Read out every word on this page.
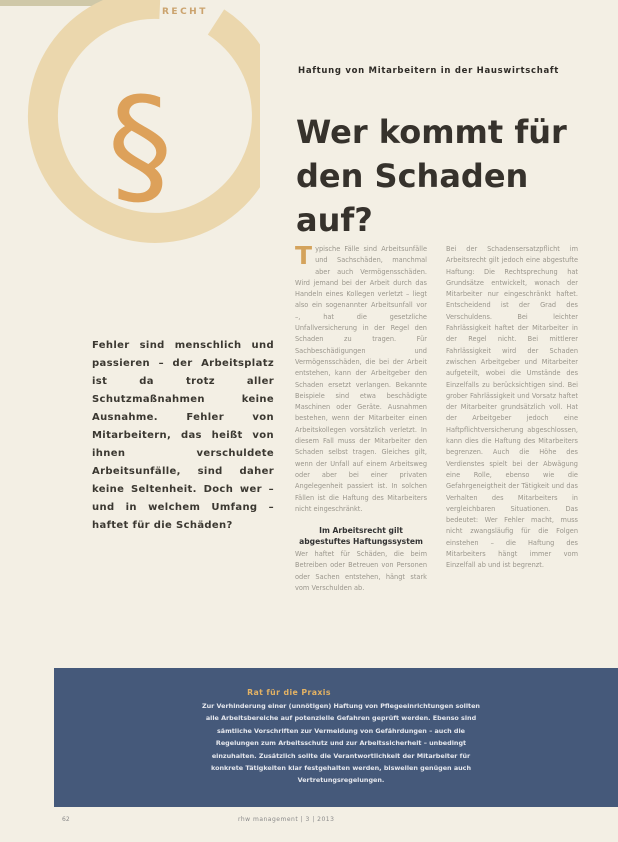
RECHT
§	Haftung von Mitarbeitern in der Hauswirtschaft
Wer kommt für
den Schaden auf?
Fehler sind menschlich und passieren – der Arbeitsplatz ist da trotz aller Schutzmaßnahmen keine Ausnahme. Fehler von Mitarbeitern, das heißt von ihnen verschuldete Arbeitsunfälle, sind daher keine Seltenheit. Doch wer – und in welchem Umfang – haftet für die Schäden?

Typische Fälle sind Arbeitsunfälle und Sachschäden, manchmal aber auch Vermögensschäden. Wird jemand bei der Arbeit durch das Handeln eines Kollegen verletzt – liegt also ein sogenannter Arbeitsunfall vor –, hat die gesetzliche Unfallversicherung in der Regel den Schaden zu tragen. Für Sachbeschädigungen und Vermögensschäden, die bei der Arbeit entstehen, kann der Arbeitgeber den Schaden ersetzt verlangen. Bekannte Beispiele sind etwa beschädigte Maschinen oder Geräte. Ausnahmen bestehen, wenn der Mitarbeiter einen Arbeitskollegen vorsätzlich verletzt. In diesem Fall muss der Mitarbeiter den Schaden selbst tragen. Gleiches gilt, wenn der Unfall auf einem Arbeitsweg oder aber bei einer privaten Angelegenheit passiert ist. In solchen Fällen ist die Haftung des Mitarbeiters nicht eingeschränkt.

Im Arbeitsrecht gilt abgestuftes Haftungssystem

Wer haftet für Schäden, die beim Betreiben oder Betreuen von Personen oder Sachen entstehen, hängt stark vom Verschulden ab.

Bei der Schadensersatzpflicht im Arbeitsrecht gilt jedoch eine abgestufte Haftung: Die Rechtsprechung hat Grundsätze entwickelt, wonach der Mitarbeiter nur eingeschränkt haftet. Entscheidend ist der Grad des Verschuldens. Bei leichter Fahrlässigkeit haftet der Mitarbeiter in der Regel nicht. Bei mittlerer Fahrlässigkeit wird der Schaden zwischen Arbeitgeber und Mitarbeiter aufgeteilt, wobei die Umstände des Einzelfalls zu berücksichtigen sind. Bei grober Fahrlässigkeit und Vorsatz haftet der Mitarbeiter grundsätzlich voll. Hat der Arbeitgeber jedoch eine Haftpflichtversicherung abgeschlossen, kann dies die Haftung des Mitarbeiters begrenzen. Auch die Höhe des Verdienstes spielt bei der Abwägung eine Rolle, ebenso wie die Gefahrgeneigtheit der Tätigkeit und das Verhalten des Mitarbeiters in vergleichbaren Situationen. Das bedeutet: Wer Fehler macht, muss nicht zwangsläufig für die Folgen einstehen – die Haftung des Mitarbeiters hängt immer vom Einzelfall ab und ist begrenzt.

Rat für die Praxis
Zur Verhinderung einer (unnötigen) Haftung von Pflegeeinrichtungen sollten alle Arbeitsbereiche auf potenzielle Gefahren geprüft werden. Ebenso sind sämtliche Vorschriften zur Vermeidung von Gefährdungen – auch die Regelungen zum Arbeitsschutz und zur Arbeitssicherheit – unbedingt einzuhalten. Zusätzlich sollte die Verantwortlichkeit der Mitarbeiter für konkrete Tätigkeiten klar festgehalten werden, bisweilen genügen auch Vertretungsregelungen.
62	rhw management | 3 | 2013
